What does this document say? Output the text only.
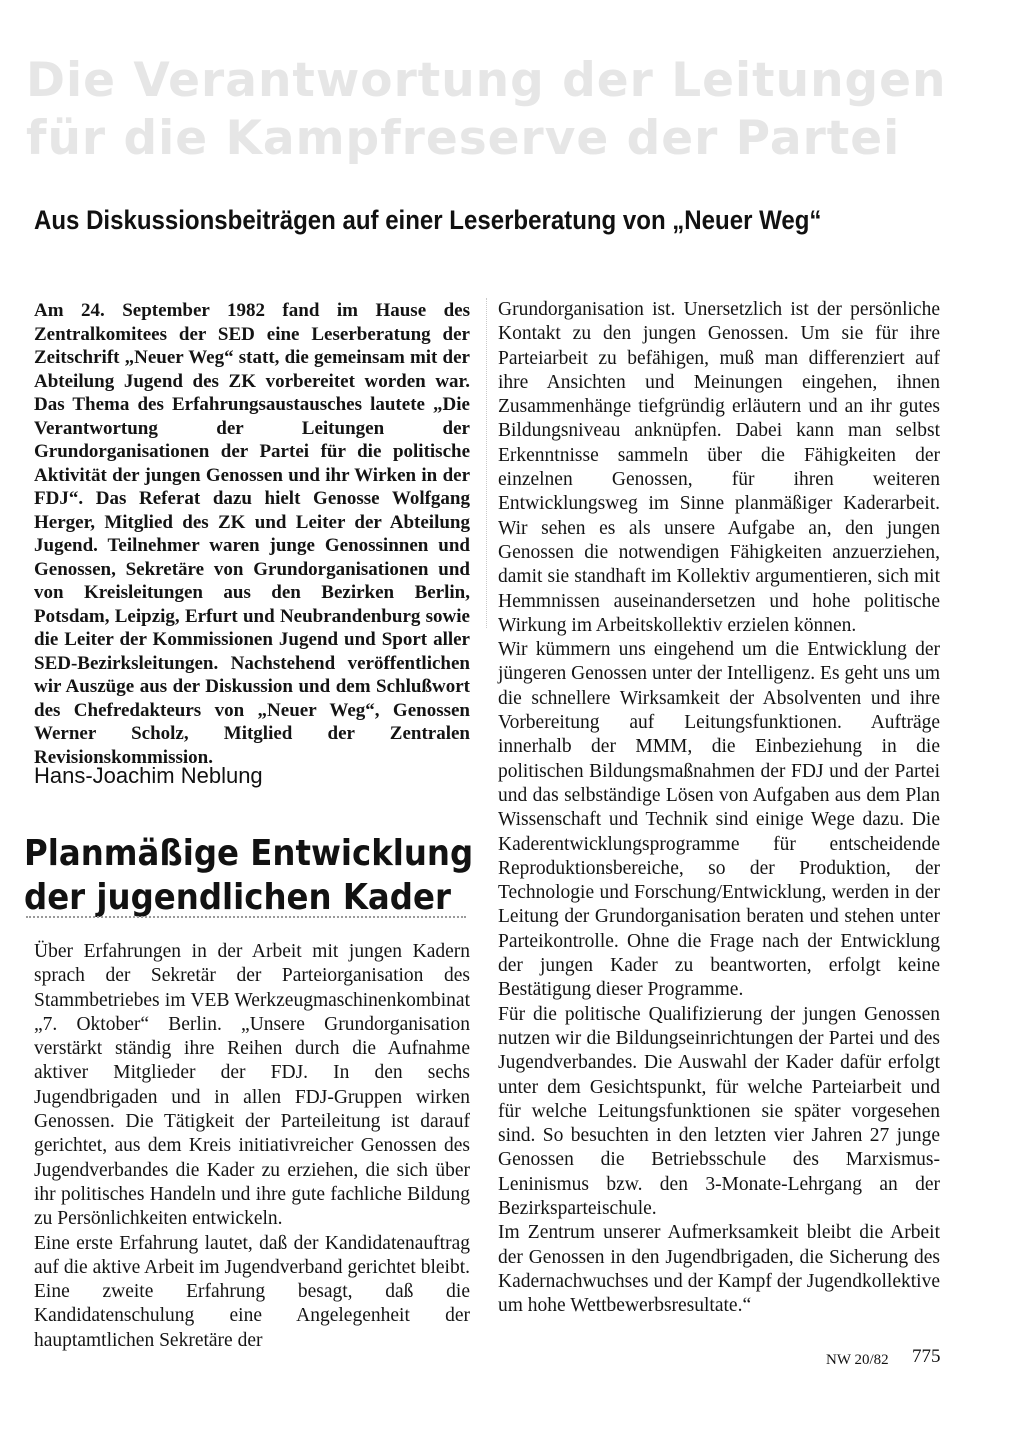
Die Verantwortung der Leitungen
für die Kampfreserve der Partei
Aus Diskussionsbeiträgen auf einer Leserberatung von „Neuer Weg“

Am 24. September 1982 fand im Hause des Zentralkomitees der SED eine Leserberatung der Zeitschrift „Neuer Weg“ statt, die gemeinsam mit der Abteilung Jugend des ZK vorbereitet worden war. Das Thema des Erfahrungsaustausches lautete „Die Verantwortung der Leitungen der Grundorganisationen der Partei für die politische Aktivität der jungen Genossen und ihr Wirken in der FDJ“. Das Referat dazu hielt Genosse Wolfgang Herger, Mitglied des ZK und Leiter der Abteilung Jugend. Teilnehmer waren junge Genossinnen und Genossen, Sekretäre von Grundorganisationen und von Kreisleitungen aus den Bezirken Berlin, Potsdam, Leipzig, Erfurt und Neubrandenburg sowie die Leiter der Kommissionen Jugend und Sport aller SED-Bezirksleitungen. Nachstehend veröffentlichen wir Auszüge aus der Diskussion und dem Schlußwort des Chefredakteurs von „Neuer Weg“, Genossen Werner Scholz, Mitglied der Zentralen Revisionskommission.

Hans-Joachim Neblung
Planmäßige Entwicklung
der jugendlichen Kader

Über Erfahrungen in der Arbeit mit jungen Kadern sprach der Sekretär der Parteiorganisation des Stammbetriebes im VEB Werkzeugmaschinenkombinat „7. Oktober“ Berlin. „Unsere Grundorganisation verstärkt ständig ihre Reihen durch die Aufnahme aktiver Mitglieder der FDJ. In den sechs Jugendbrigaden und in allen FDJ-Gruppen wirken Genossen. Die Tätigkeit der Parteileitung ist darauf gerichtet, aus dem Kreis initiativreicher Genossen des Jugendverbandes die Kader zu erziehen, die sich über ihr politisches Handeln und ihre gute fachliche Bildung zu Persönlichkeiten entwickeln.

Eine erste Erfahrung lautet, daß der Kandidatenauftrag auf die aktive Arbeit im Jugendverband gerichtet bleibt. Eine zweite Erfahrung besagt, daß die Kandidatenschulung eine Angelegenheit der hauptamtlichen Sekretäre der

Grundorganisation ist. Unersetzlich ist der persönliche Kontakt zu den jungen Genossen. Um sie für ihre Parteiarbeit zu befähigen, muß man differenziert auf ihre Ansichten und Meinungen eingehen, ihnen Zusammenhänge tiefgründig erläutern und an ihr gutes Bildungsniveau anknüpfen. Dabei kann man selbst Erkenntnisse sammeln über die Fähigkeiten der einzelnen Genossen, für ihren weiteren Entwicklungsweg im Sinne planmäßiger Kaderarbeit. Wir sehen es als unsere Aufgabe an, den jungen Genossen die notwendigen Fähigkeiten anzuerziehen, damit sie standhaft im Kollektiv argumentieren, sich mit Hemmnissen auseinandersetzen und hohe politische Wirkung im Arbeitskollektiv erzielen können.

Wir kümmern uns eingehend um die Entwicklung der jüngeren Genossen unter der Intelligenz. Es geht uns um die schnellere Wirksamkeit der Absolventen und ihre Vorbereitung auf Leitungsfunktionen. Aufträge innerhalb der MMM, die Einbeziehung in die politischen Bildungsmaßnahmen der FDJ und der Partei und das selbständige Lösen von Aufgaben aus dem Plan Wissenschaft und Technik sind einige Wege dazu. Die Kaderentwicklungsprogramme für entscheidende Reproduktionsbereiche, so der Produktion, der Technologie und Forschung/Entwicklung, werden in der Leitung der Grundorganisation beraten und stehen unter Parteikontrolle. Ohne die Frage nach der Entwicklung der jungen Kader zu beantworten, erfolgt keine Bestätigung dieser Programme.

Für die politische Qualifizierung der jungen Genossen nutzen wir die Bildungseinrichtungen der Partei und des Jugendverbandes. Die Auswahl der Kader dafür erfolgt unter dem Gesichtspunkt, für welche Parteiarbeit und für welche Leitungsfunktionen sie später vorgesehen sind. So besuchten in den letzten vier Jahren 27 junge Genossen die Betriebsschule des Marxismus-Leninismus bzw. den 3-Monate-Lehrgang an der Bezirksparteischule.

Im Zentrum unserer Aufmerksamkeit bleibt die Arbeit der Genossen in den Jugendbrigaden, die Sicherung des Kadernachwuchses und der Kampf der Jugendkollektive um hohe Wettbewerbsresultate.“

NW 20/82 775
